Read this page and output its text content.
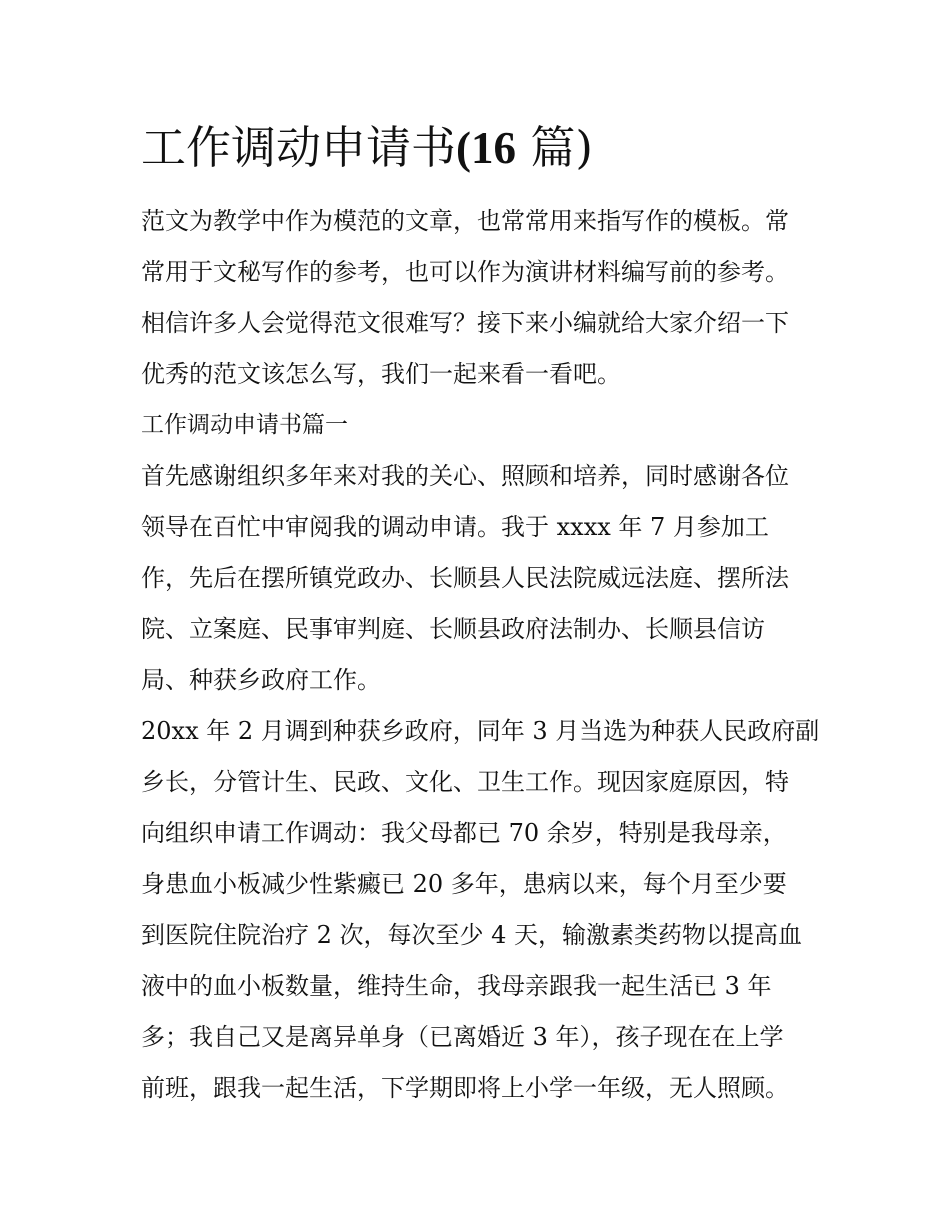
工作调动申请书(16 篇)

范文为教学中作为模范的文章，也常常用来指写作的模板。常

常用于文秘写作的参考，也可以作为演讲材料编写前的参考。

相信许多人会觉得范文很难写？接下来小编就给大家介绍一下

优秀的范文该怎么写，我们一起来看一看吧。

工作调动申请书篇一

首先感谢组织多年来对我的关心、照顾和培养，同时感谢各位

领导在百忙中审阅我的调动申请。我于 xxxx 年 7 月参加工

作，先后在摆所镇党政办、长顺县人民法院威远法庭、摆所法

院、立案庭、民事审判庭、长顺县政府法制办、长顺县信访

局、种获乡政府工作。

20xx 年 2 月调到种获乡政府，同年 3 月当选为种获人民政府副

乡长，分管计生、民政、文化、卫生工作。现因家庭原因，特

向组织申请工作调动：我父母都已 70 余岁，特别是我母亲，

身患血小板减少性紫癜已 20 多年，患病以来，每个月至少要

到医院住院治疗 2 次，每次至少 4 天，输激素类药物以提高血

液中的血小板数量，维持生命，我母亲跟我一起生活已 3 年

多；我自己又是离异单身（已离婚近 3 年），孩子现在在上学

前班，跟我一起生活，下学期即将上小学一年级，无人照顾。
